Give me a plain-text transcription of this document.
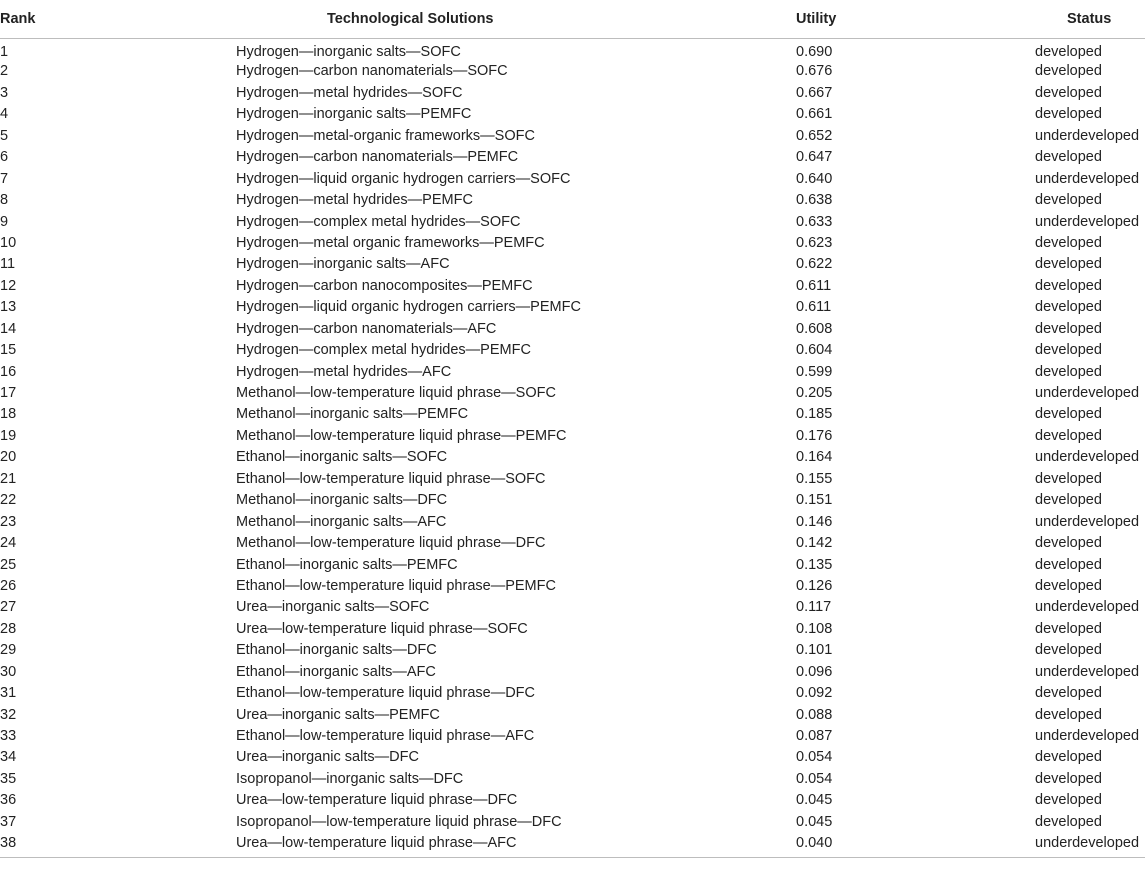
Rank	Technological Solutions	Utility	Status
1	Hydrogen—inorganic salts—SOFC	0.690	developed
2	Hydrogen—carbon nanomaterials—SOFC	0.676	developed
3	Hydrogen—metal hydrides—SOFC	0.667	developed
4	Hydrogen—inorganic salts—PEMFC	0.661	developed
5	Hydrogen—metal-organic frameworks—SOFC	0.652	underdeveloped
6	Hydrogen—carbon nanomaterials—PEMFC	0.647	developed
7	Hydrogen—liquid organic hydrogen carriers—SOFC	0.640	underdeveloped
8	Hydrogen—metal hydrides—PEMFC	0.638	developed
9	Hydrogen—complex metal hydrides—SOFC	0.633	underdeveloped
10	Hydrogen—metal organic frameworks—PEMFC	0.623	developed
11	Hydrogen—inorganic salts—AFC	0.622	developed
12	Hydrogen—carbon nanocomposites—PEMFC	0.611	developed
13	Hydrogen—liquid organic hydrogen carriers—PEMFC	0.611	developed
14	Hydrogen—carbon nanomaterials—AFC	0.608	developed
15	Hydrogen—complex metal hydrides—PEMFC	0.604	developed
16	Hydrogen—metal hydrides—AFC	0.599	developed
17	Methanol—low-temperature liquid phrase—SOFC	0.205	underdeveloped
18	Methanol—inorganic salts—PEMFC	0.185	developed
19	Methanol—low-temperature liquid phrase—PEMFC	0.176	developed
20	Ethanol—inorganic salts—SOFC	0.164	underdeveloped
21	Ethanol—low-temperature liquid phrase—SOFC	0.155	developed
22	Methanol—inorganic salts—DFC	0.151	developed
23	Methanol—inorganic salts—AFC	0.146	underdeveloped
24	Methanol—low-temperature liquid phrase—DFC	0.142	developed
25	Ethanol—inorganic salts—PEMFC	0.135	developed
26	Ethanol—low-temperature liquid phrase—PEMFC	0.126	developed
27	Urea—inorganic salts—SOFC	0.117	underdeveloped
28	Urea—low-temperature liquid phrase—SOFC	0.108	developed
29	Ethanol—inorganic salts—DFC	0.101	developed
30	Ethanol—inorganic salts—AFC	0.096	underdeveloped
31	Ethanol—low-temperature liquid phrase—DFC	0.092	developed
32	Urea—inorganic salts—PEMFC	0.088	developed
33	Ethanol—low-temperature liquid phrase—AFC	0.087	underdeveloped
34	Urea—inorganic salts—DFC	0.054	developed
35	Isopropanol—inorganic salts—DFC	0.054	developed
36	Urea—low-temperature liquid phrase—DFC	0.045	developed
37	Isopropanol—low-temperature liquid phrase—DFC	0.045	developed
38	Urea—low-temperature liquid phrase—AFC	0.040	underdeveloped
